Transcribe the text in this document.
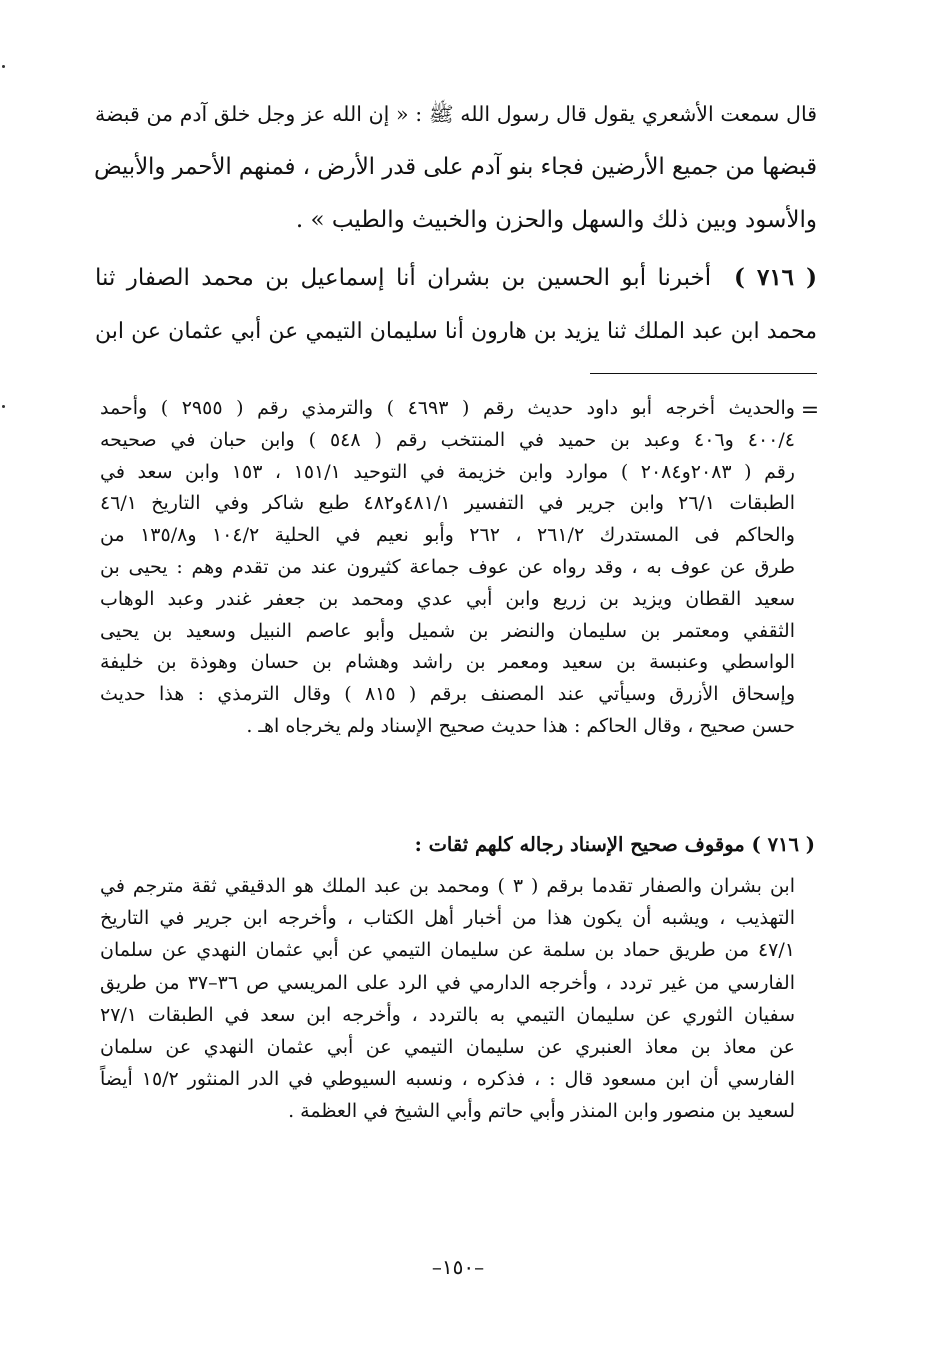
قال سمعت الأشعري يقول قال رسول الله ﷺ : « إن الله عز وجل خلق آدم من قبضة
قبضها من جميع الأرضين فجاء بنو آدم على قدر الأرض ، فمنهم الأحمر والأبيض
والأسود وبين ذلك والسهل والحزن والخبيث والطيب » .

( ٧١٦ )  أخبرنا أبو الحسين بن بشران أنا إسماعيل بن محمد الصفار ثنا
محمد ابن عبد الملك ثنا يزيد بن هارون أنا سليمان التيمي عن أبي عثمان عن ابن

=
والحديث أخرجه أبو داود حديث رقم ( ٤٦٩٣ ) والترمذي رقم ( ٢٩٥٥ ) وأحمد
٤٠٠/٤ و٤٠٦ وعبد بن حميد في المنتخب رقم ( ٥٤٨ ) وابن حبان في صحيحه
رقم ( ٢٠٨٣و٢٠٨٤ ) موارد وابن خزيمة في التوحيد ١٥١/١ ، ١٥٣ وابن سعد في
الطبقات ٢٦/١ وابن جرير في التفسير ٤٨١/١و٤٨٢ طبع شاكر وفي التاريخ ٤٦/١
والحاكم فى المستدرك ٢٦١/٢ ، ٢٦٢ وأبو نعيم في الحلية ١٠٤/٢ و١٣٥/٨ من
طرق عن عوف به ، وقد رواه عن عوف جماعة كثيرون عند من تقدم وهم : يحيى بن
سعيد القطان ويزيد بن زريع وابن أبي عدي ومحمد بن جعفر غندر وعبد الوهاب
الثقفي ومعتمر بن سليمان والنضر بن شميل وأبو عاصم النبيل وسعيد بن يحيى
الواسطي وعنبسة بن سعيد ومعمر بن راشد وهشام بن حسان وهوذة بن خليفة
وإسحاق الأزرق وسيأتي عند المصنف برقم ( ٨١٥ ) وقال الترمذي : هذا حديث
حسن صحيح ، وقال الحاكم : هذا حديث صحيح الإسناد ولم يخرجاه اهـ .
( ٧١٦ ) موقوف صحيح الإسناد رجاله كلهم ثقات :
ابن بشران والصفار تقدما برقم ( ٣ ) ومحمد بن عبد الملك هو الدقيقي ثقة مترجم في
التهذيب ، ويشبه أن يكون هذا من أخبار أهل الكتاب ، وأخرجه ابن جرير في التاريخ
٤٧/١ من طريق حماد بن سلمة عن سليمان التيمي عن أبي عثمان النهدي عن سلمان
الفارسي من غير تردد ، وأخرجه الدارمي في الرد على المريسي ص ٣٦–٣٧ من طريق
سفيان الثوري عن سليمان التيمي به بالتردد ، وأخرجه ابن سعد في الطبقات ٢٧/١
عن معاذ بن معاذ العنبري عن سليمان التيمي عن أبي عثمان النهدي عن سلمان
الفارسي أن ابن مسعود قال : ، فذكره ، ونسبه السيوطي في الدر المنثور ١٥/٢ أيضاً
لسعيد بن منصور وابن المنذر وأبي حاتم وأبي الشيخ في العظمة .
–١٥٠–
